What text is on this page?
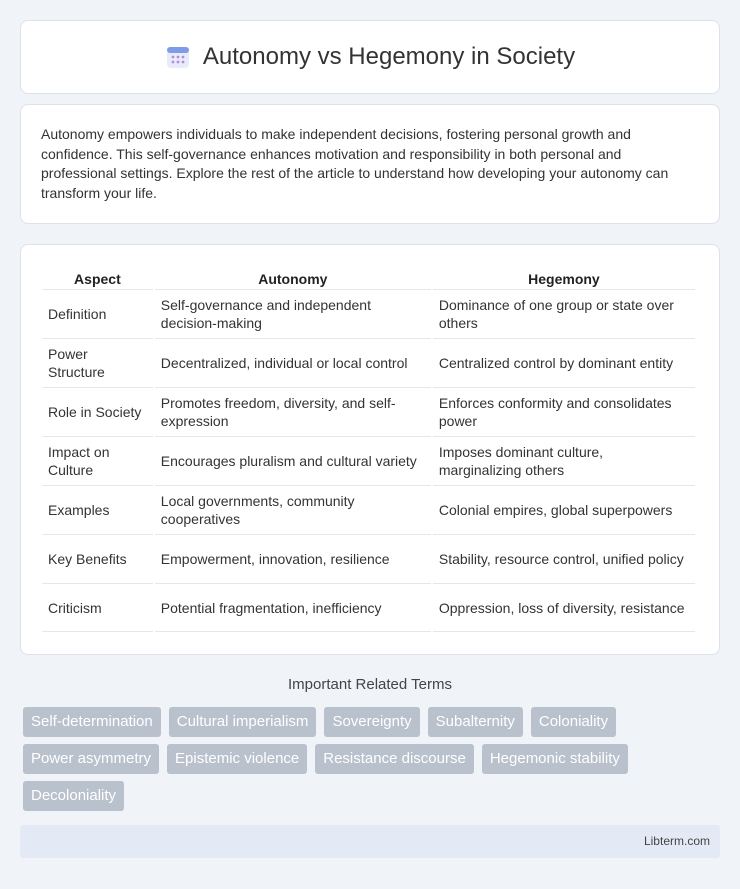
Autonomy vs Hegemony in Society

Autonomy empowers individuals to make independent decisions, fostering personal growth and confidence. This self-governance enhances motivation and responsibility in both personal and professional settings. Explore the rest of the article to understand how developing your autonomy can transform your life.

Aspect	Autonomy	Hegemony
Definition	Self-governance and independent decision-making	Dominance of one group or state over others
Power Structure	Decentralized, individual or local control	Centralized control by dominant entity
Role in Society	Promotes freedom, diversity, and self-expression	Enforces conformity and consolidates power
Impact on Culture	Encourages pluralism and cultural variety	Imposes dominant culture, marginalizing others
Examples	Local governments, community cooperatives	Colonial empires, global superpowers
Key Benefits	Empowerment, innovation, resilience	Stability, resource control, unified policy
Criticism	Potential fragmentation, inefficiency	Oppression, loss of diversity, resistance
Important Related Terms
Self-determination	Cultural imperialism	Sovereignty	Subalternity	Coloniality
Power asymmetry	Epistemic violence	Resistance discourse	Hegemonic stability
Decoloniality
Libterm.com
